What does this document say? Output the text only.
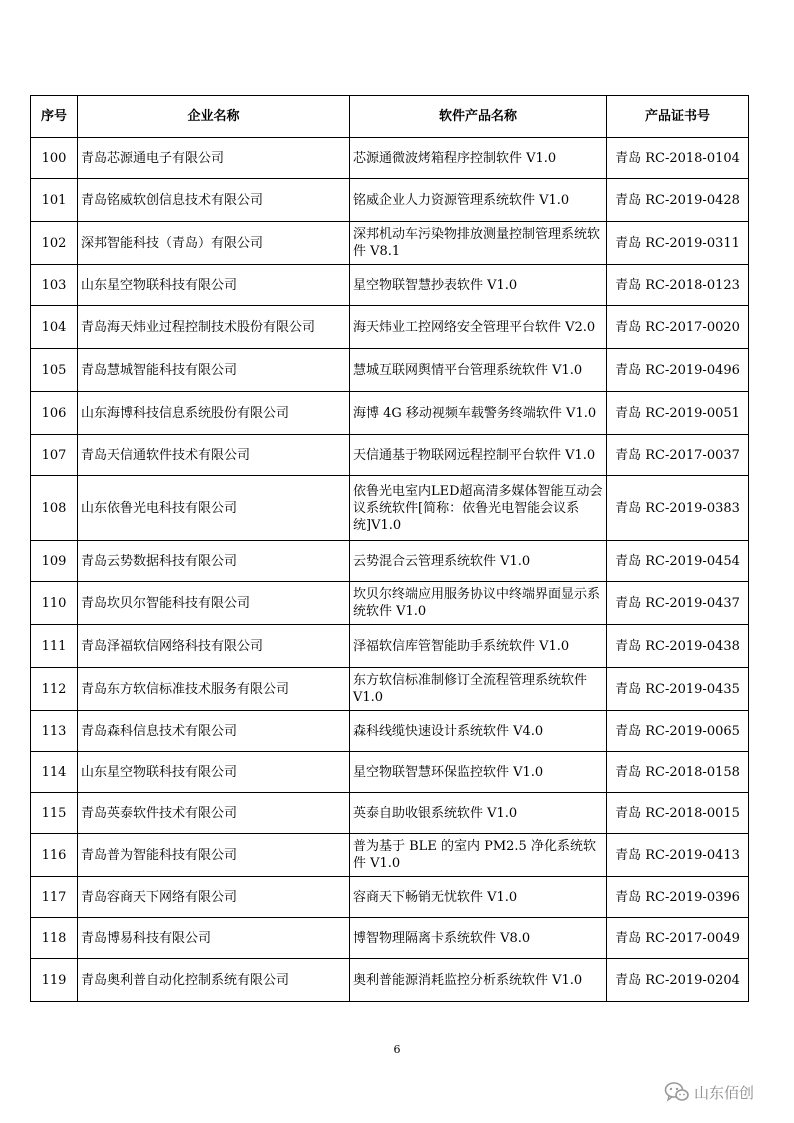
序号	企业名称	软件产品名称	产品证书号
100	青岛芯源通电子有限公司	芯源通微波烤箱程序控制软件 V1.0	青岛 RC-2018-0104
101	青岛铭威软创信息技术有限公司	铭威企业人力资源管理系统软件 V1.0	青岛 RC-2019-0428
102	深邦智能科技（青岛）有限公司	深邦机动车污染物排放测量控制管理系统软件 V8.1	青岛 RC-2019-0311
103	山东星空物联科技有限公司	星空物联智慧抄表软件 V1.0	青岛 RC-2018-0123
104	青岛海天炜业过程控制技术股份有限公司	海天炜业工控网络安全管理平台软件 V2.0	青岛 RC-2017-0020
105	青岛慧城智能科技有限公司	慧城互联网舆情平台管理系统软件 V1.0	青岛 RC-2019-0496
106	山东海博科技信息系统股份有限公司	海博 4G 移动视频车载警务终端软件 V1.0	青岛 RC-2019-0051
107	青岛天信通软件技术有限公司	天信通基于物联网远程控制平台软件 V1.0	青岛 RC-2017-0037
108	山东依鲁光电科技有限公司	依鲁光电室内LED超高清多媒体智能互动会议系统软件[简称：依鲁光电智能会议系统]V1.0	青岛 RC-2019-0383
109	青岛云势数据科技有限公司	云势混合云管理系统软件 V1.0	青岛 RC-2019-0454
110	青岛坎贝尔智能科技有限公司	坎贝尔终端应用服务协议中终端界面显示系统软件 V1.0	青岛 RC-2019-0437
111	青岛泽福软信网络科技有限公司	泽福软信库管智能助手系统软件 V1.0	青岛 RC-2019-0438
112	青岛东方软信标准技术服务有限公司	东方软信标准制修订全流程管理系统软件 V1.0	青岛 RC-2019-0435
113	青岛森科信息技术有限公司	森科线缆快速设计系统软件 V4.0	青岛 RC-2019-0065
114	山东星空物联科技有限公司	星空物联智慧环保监控软件 V1.0	青岛 RC-2018-0158
115	青岛英泰软件技术有限公司	英泰自助收银系统软件 V1.0	青岛 RC-2018-0015
116	青岛普为智能科技有限公司	普为基于 BLE 的室内 PM2.5 净化系统软件 V1.0	青岛 RC-2019-0413
117	青岛容商天下网络有限公司	容商天下畅销无忧软件 V1.0	青岛 RC-2019-0396
118	青岛博易科技有限公司	博智物理隔离卡系统软件 V8.0	青岛 RC-2017-0049
119	青岛奥利普自动化控制系统有限公司	奥利普能源消耗监控分析系统软件 V1.0	青岛 RC-2019-0204
6
山东佰创
